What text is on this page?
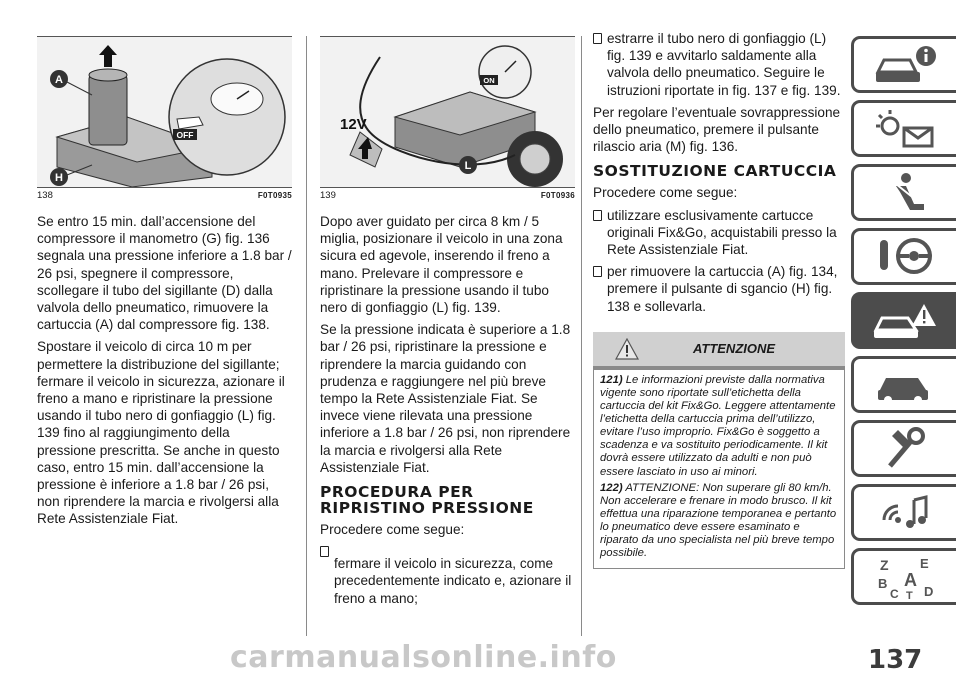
A
H
OFF
138	F0T0935

Se entro 15 min. dall’accensione del compressore il manometro (G) fig. 136 segnala una pressione inferiore a 1.8 bar / 26 psi, spegnere il compressore, scollegare il tubo del sigillante (D) dalla valvola dello pneumatico, rimuovere la cartuccia (A) dal compressore fig. 138.

Spostare il veicolo di circa 10 m per permettere la distribuzione del sigillante; fermare il veicolo in sicurezza, azionare il freno a mano e ripristinare la pressione usando il tubo nero di gonfiaggio (L) fig. 139 fino al raggiungimento della pressione prescritta. Se anche in questo caso, entro 15 min. dall’accensione la pressione è inferiore a 1.8 bar / 26 psi, non riprendere la marcia e rivolgersi alla Rete Assistenziale Fiat.

ON
12V
L
139	F0T0936

Dopo aver guidato per circa 8 km / 5 miglia, posizionare il veicolo in una zona sicura ed agevole, inserendo il freno a mano. Prelevare il compressore e ripristinare la pressione usando il tubo nero di gonfiaggio (L) fig. 139.

Se la pressione indicata è superiore a 1.8 bar / 26 psi, ripristinare la pressione e riprendere la marcia guidando con prudenza e raggiungere nel più breve tempo la Rete Assistenziale Fiat. Se invece viene rilevata una pressione inferiore a 1.8 bar / 26 psi, non riprendere la marcia e rivolgersi alla Rete Assistenziale Fiat.

PROCEDURA PER RIPRISTINO PRESSIONE

Procedere come segue:

fermare il veicolo in sicurezza, come precedentemente indicato e, azionare il freno a mano;

estrarre il tubo nero di gonfiaggio (L) fig. 139 e avvitarlo saldamente alla valvola dello pneumatico. Seguire le istruzioni riportate in fig. 137 e fig. 139.

Per regolare l’eventuale sovrappressione dello pneumatico, premere il pulsante rilascio aria (M) fig. 136.

SOSTITUZIONE CARTUCCIA

Procedere come segue:

utilizzare esclusivamente cartucce originali Fix&Go, acquistabili presso la Rete Assistenziale Fiat.

per rimuovere la cartuccia (A) fig. 134, premere il pulsante di sgancio (H) fig. 138 e sollevarla.

ATTENZIONE

121) Le informazioni previste dalla normativa vigente sono riportate sull’etichetta della cartuccia del kit Fix&Go. Leggere attentamente l’etichetta della cartuccia prima dell’utilizzo, evitare l’uso improprio. Fix&Go è soggetto a scadenza e va sostituito periodicamente. Il kit dovrà essere utilizzato da adulti e non può essere lasciato in uso ai minori.

122) ATTENZIONE: Non superare gli 80 km/h. Non accelerare e frenare in modo brusco. Il kit effettua una riparazione temporanea e pertanto lo pneumatico deve essere esaminato e riparato da uno specialista nel più breve tempo possibile.

Z E
B A
C T D
carmanualsonline.info	137
